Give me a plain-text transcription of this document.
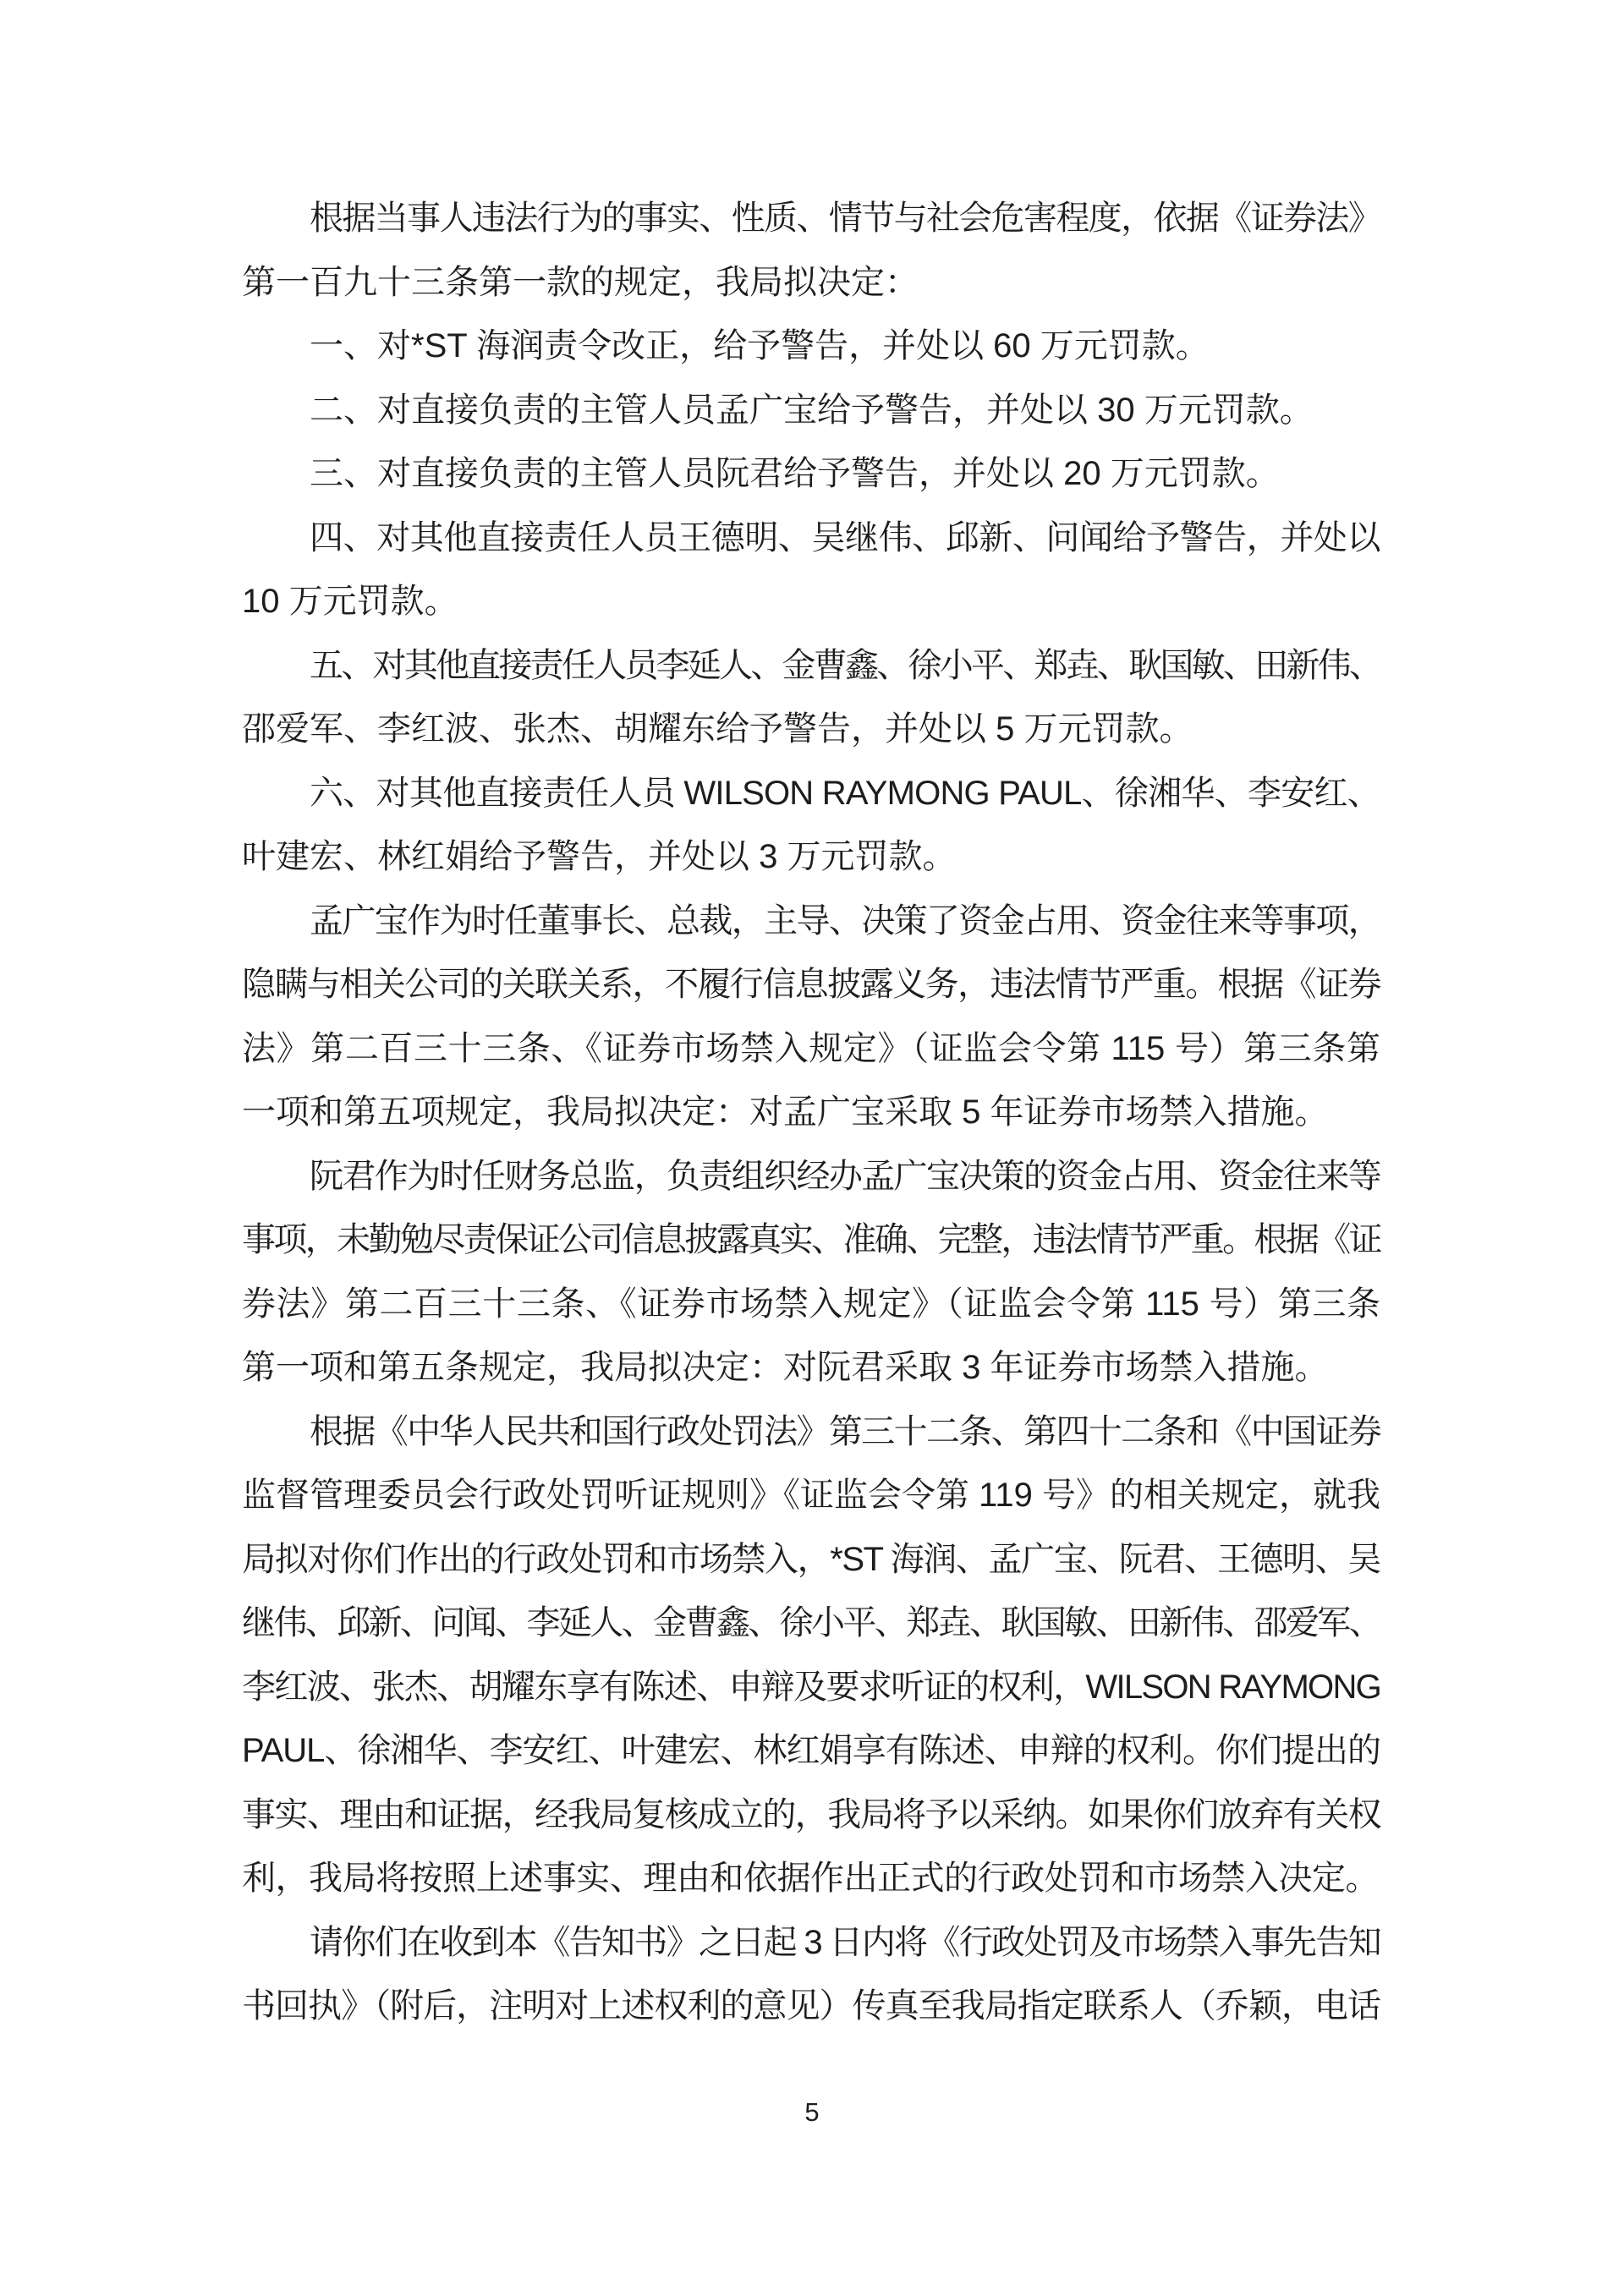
根据当事人违法行为的事实、性质、情节与社会危害程度，依据《证券法》
第一百九十三条第一款的规定，我局拟决定：
一、对*ST 海润责令改正，给予警告，并处以 60 万元罚款。
二、对直接负责的主管人员孟广宝给予警告，并处以 30 万元罚款。
三、对直接负责的主管人员阮君给予警告，并处以 20 万元罚款。
四、对其他直接责任人员王德明、吴继伟、邱新、问闻给予警告，并处以
10 万元罚款。
五、对其他直接责任人员李延人、金曹鑫、徐小平、郑垚、耿国敏、田新伟、
邵爱军、李红波、张杰、胡耀东给予警告，并处以 5 万元罚款。
六、对其他直接责任人员 WILSON RAYMONG PAUL、徐湘华、李安红、
叶建宏、林红娟给予警告，并处以 3 万元罚款。
孟广宝作为时任董事长、总裁，主导、决策了资金占用、资金往来等事项，
隐瞒与相关公司的关联关系，不履行信息披露义务，违法情节严重。根据《证券
法》第二百三十三条、《证券市场禁入规定》（证监会令第 115 号）第三条第
一项和第五项规定，我局拟决定：对孟广宝采取 5 年证券市场禁入措施。
阮君作为时任财务总监，负责组织经办孟广宝决策的资金占用、资金往来等
事项，未勤勉尽责保证公司信息披露真实、准确、完整，违法情节严重。根据《证
券法》第二百三十三条、《证券市场禁入规定》（证监会令第 115 号）第三条
第一项和第五条规定，我局拟决定：对阮君采取 3 年证券市场禁入措施。
根据《中华人民共和国行政处罚法》第三十二条、第四十二条和《中国证券
监督管理委员会行政处罚听证规则》《证监会令第 119 号》的相关规定，就我
局拟对你们作出的行政处罚和市场禁入，*ST 海润、孟广宝、阮君、王德明、吴
继伟、邱新、问闻、李延人、金曹鑫、徐小平、郑垚、耿国敏、田新伟、邵爱军、
李红波、张杰、胡耀东享有陈述、申辩及要求听证的权利，WILSON RAYMONG
PAUL、徐湘华、李安红、叶建宏、林红娟享有陈述、申辩的权利。你们提出的
事实、理由和证据，经我局复核成立的，我局将予以采纳。如果你们放弃有关权
利，我局将按照上述事实、理由和依据作出正式的行政处罚和市场禁入决定。
请你们在收到本《告知书》之日起 3 日内将《行政处罚及市场禁入事先告知
书回执》（附后，注明对上述权利的意见）传真至我局指定联系人（乔颖，电话
5
